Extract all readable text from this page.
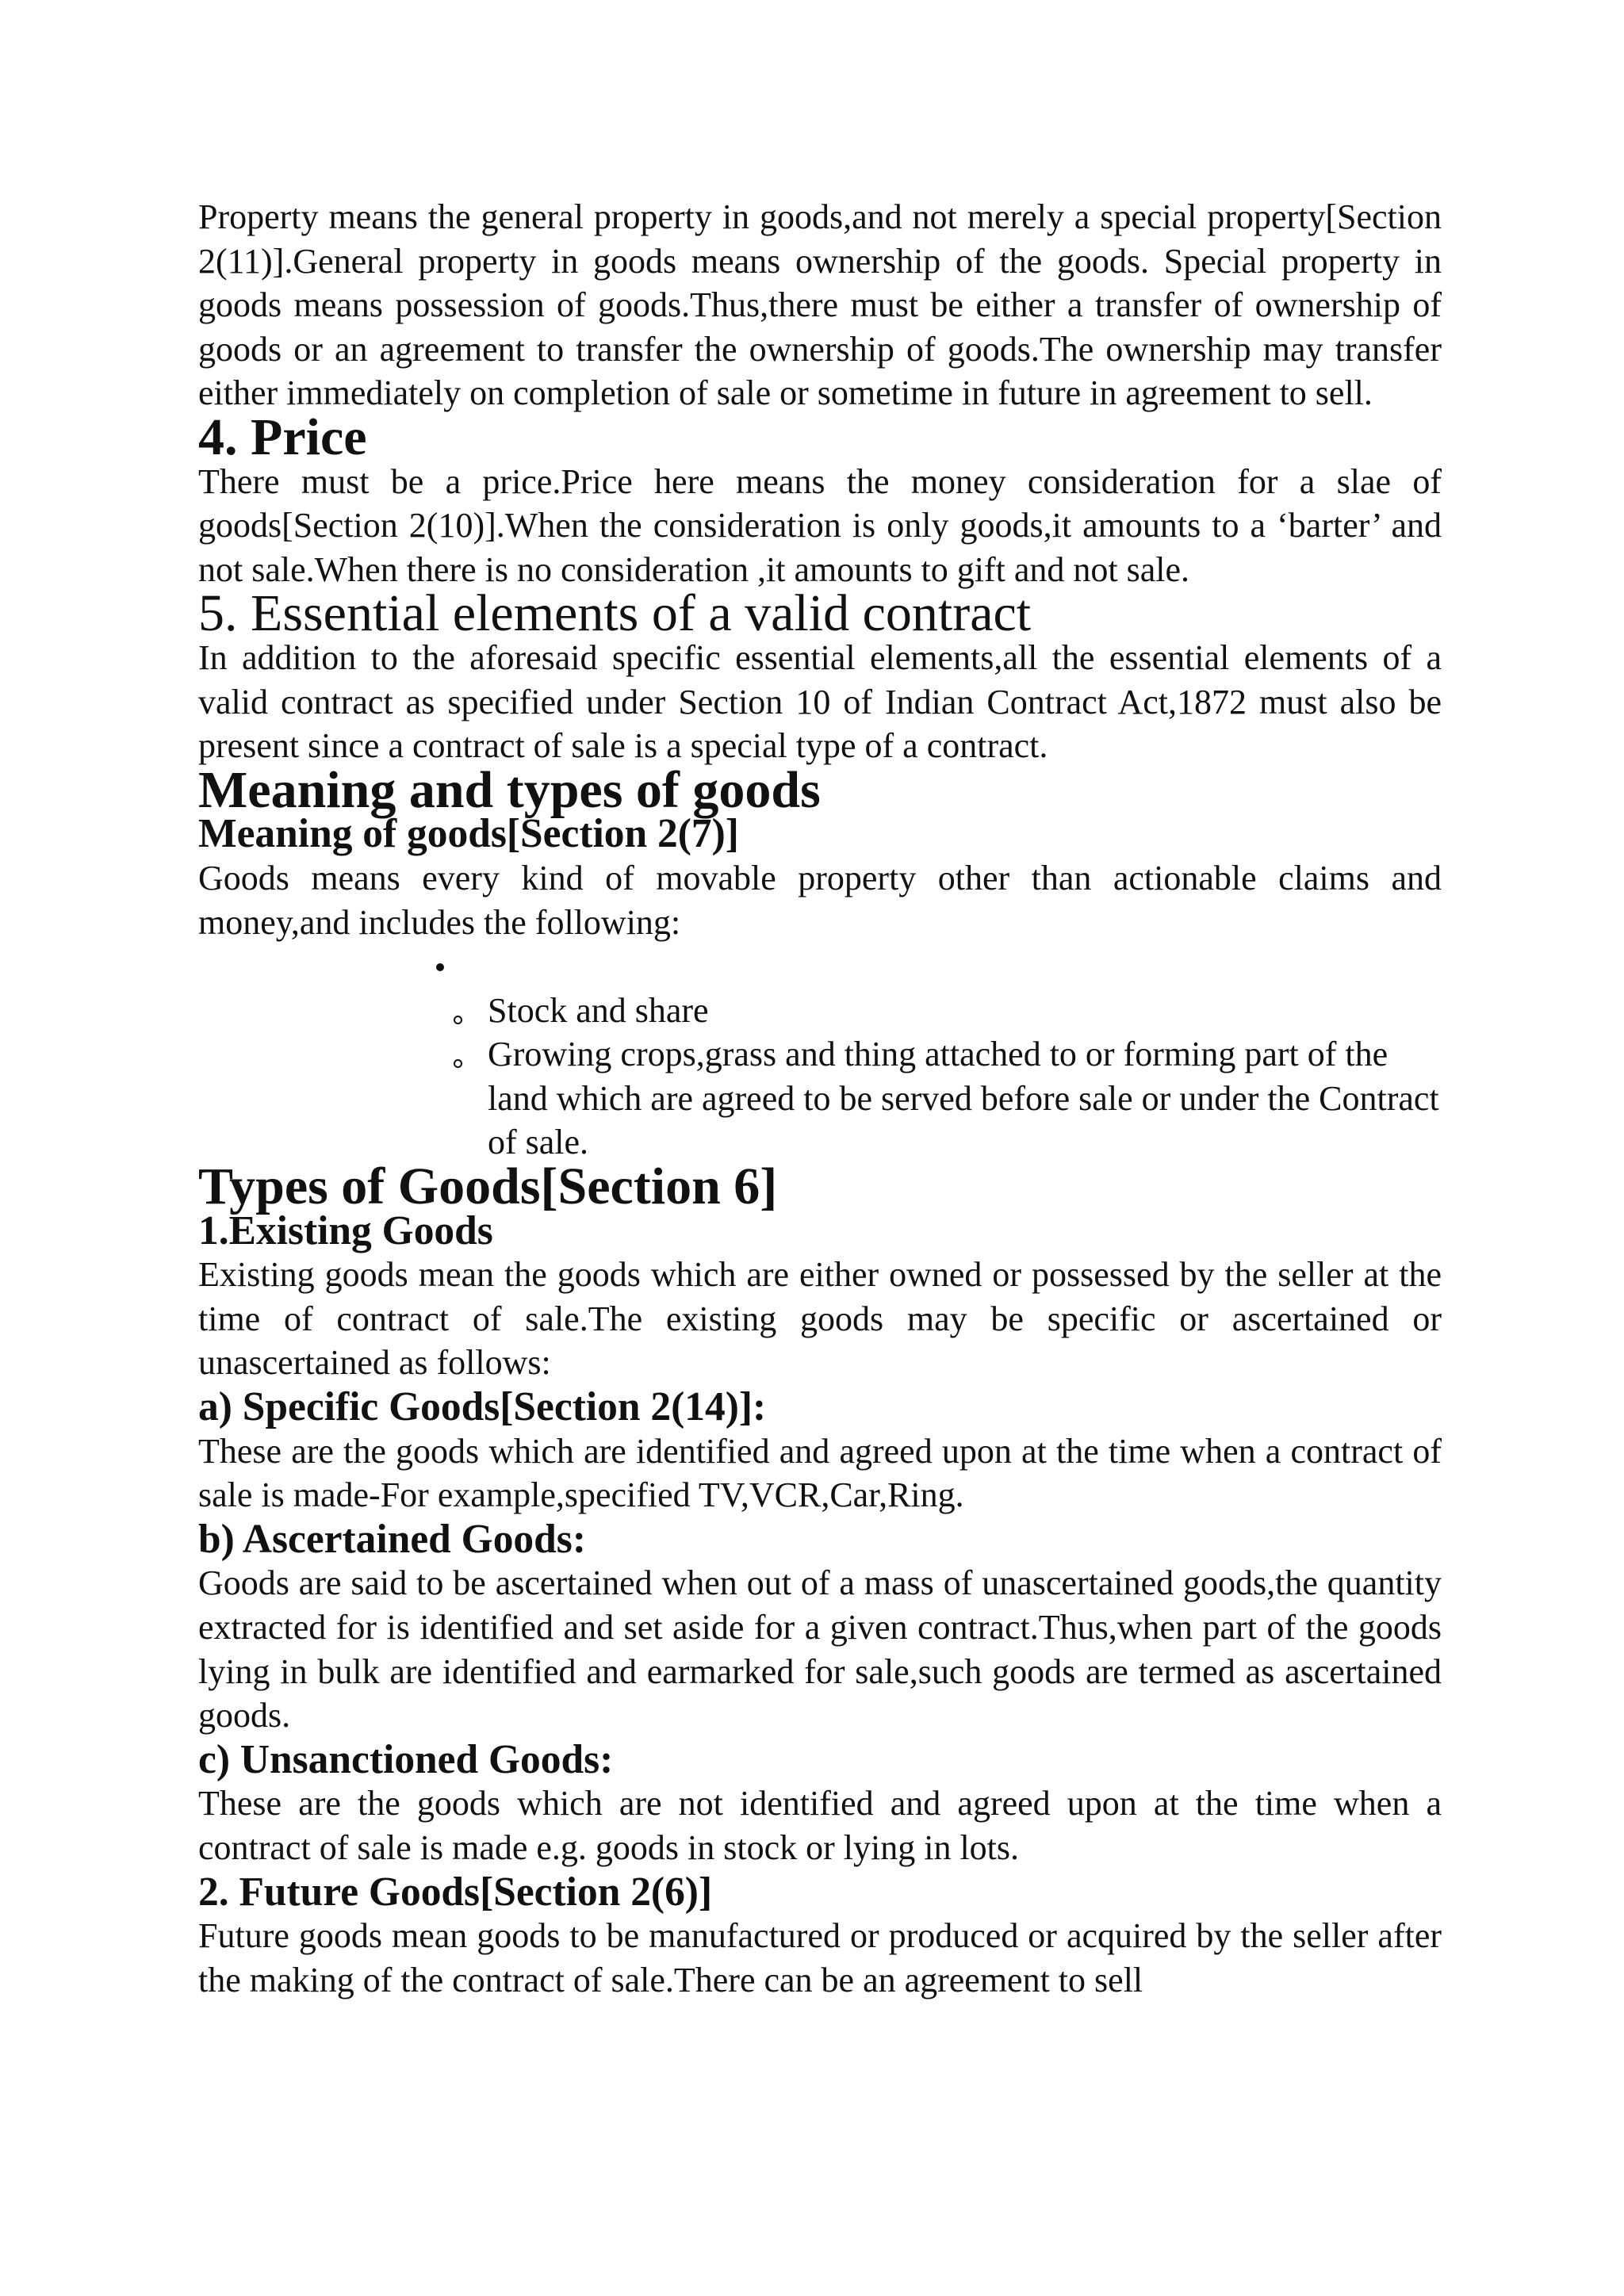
Property means the general property in goods,and not merely a special property[Section 2(11)].General property in goods means ownership of the goods. Special property in goods means possession of goods.Thus,there must be either a transfer of ownership of goods or an agreement to transfer the ownership of goods.The ownership may transfer either immediately on completion of sale or sometime in future in agreement to sell.

4. Price

There must be a price.Price here means the money consideration for a slae of goods[Section 2(10)].When the consideration is only goods,it amounts to a ‘barter’ and not sale.When there is no consideration ,it amounts to gift and not sale.

5. Essential elements of a valid contract

In addition to the aforesaid specific essential elements,all the essential elements of a valid contract as specified under Section 10 of Indian Contract Act,1872 must also be present since a contract of sale is a special type of a contract.

Meaning and types of goods
Meaning of goods[Section 2(7)]

Goods means every kind of movable property other than actionable claims and money,and includes the following:

Stock and share
Growing crops,grass and thing attached to or forming part of the land which are agreed to be served before sale or under the Contract of sale.
Types of Goods[Section 6]
1.Existing Goods

Existing goods mean the goods which are either owned or possessed by the seller at the time of contract of sale.The existing goods may be specific or ascertained or unascertained as follows:

a) Specific Goods[Section 2(14)]:

These are the goods which are identified and agreed upon at the time when a contract of sale is made-For example,specified TV,VCR,Car,Ring.

b) Ascertained Goods:

Goods are said to be ascertained when out of a mass of unascertained goods,the quantity extracted for is identified and set aside for a given contract.Thus,when part of the goods lying in bulk are identified and earmarked for sale,such goods are termed as ascertained goods.

c) Unsanctioned Goods:

These are the goods which are not identified and agreed upon at the time when a contract of sale is made e.g. goods in stock or lying in lots.

2. Future Goods[Section 2(6)]

Future goods mean goods to be manufactured or produced or acquired by the seller after the making of the contract of sale.There can be an agreement to sell
